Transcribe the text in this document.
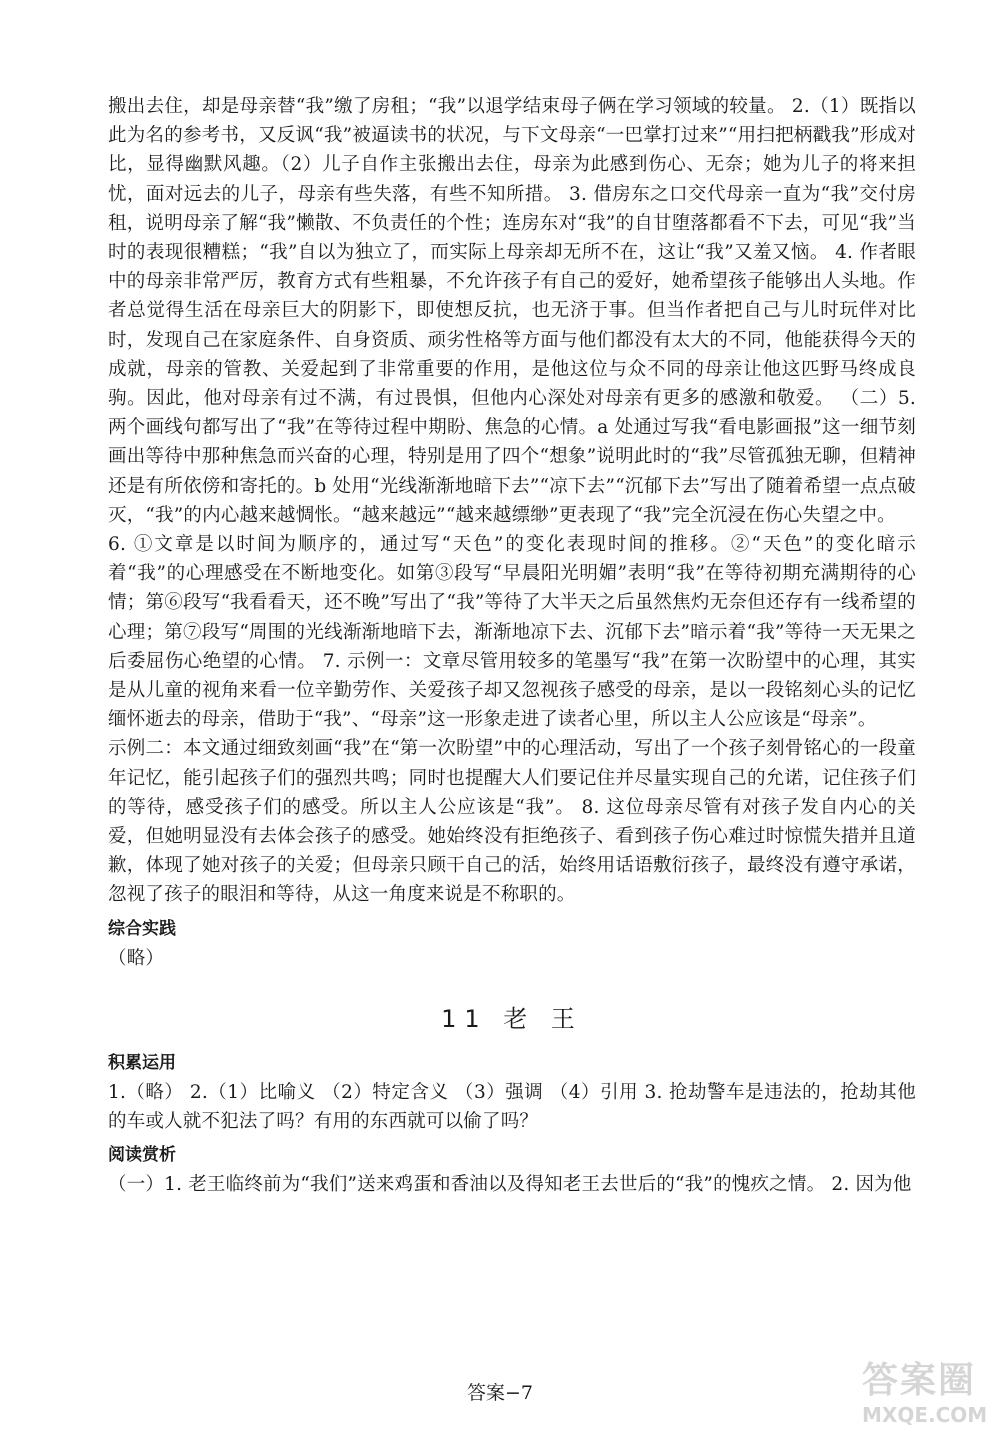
搬出去住，却是母亲替“我”缴了房租；“我”以退学结束母子俩在学习领域的较量。 2.（1）既指以此为名的参考书，又反讽“我”被逼读书的状况，与下文母亲“一巴掌打过来”“用扫把柄戳我”形成对比，显得幽默风趣。（2）儿子自作主张搬出去住，母亲为此感到伤心、无奈；她为儿子的将来担忧，面对远去的儿子，母亲有些失落，有些不知所措。 3. 借房东之口交代母亲一直为“我”交付房租，说明母亲了解“我”懒散、不负责任的个性；连房东对“我”的自甘堕落都看不下去，可见“我”当时的表现很糟糕；“我”自以为独立了，而实际上母亲却无所不在，这让“我”又羞又恼。 4. 作者眼中的母亲非常严厉，教育方式有些粗暴，不允许孩子有自己的爱好，她希望孩子能够出人头地。作者总觉得生活在母亲巨大的阴影下，即使想反抗，也无济于事。但当作者把自己与儿时玩伴对比时，发现自己在家庭条件、自身资质、顽劣性格等方面与他们都没有太大的不同，他能获得今天的成就，母亲的管教、关爱起到了非常重要的作用，是他这位与众不同的母亲让他这匹野马终成良驹。因此，他对母亲有过不满，有过畏惧，但他内心深处对母亲有更多的感激和敬爱。 （二）5. 两个画线句都写出了“我”在等待过程中期盼、焦急的心情。a 处通过写我“看电影画报”这一细节刻画出等待中那种焦急而兴奋的心理，特别是用了四个“想象”说明此时的“我”尽管孤独无聊，但精神还是有所依傍和寄托的。b 处用“光线渐渐地暗下去”“凉下去”“沉郁下去”写出了随着希望一点点破灭，“我”的内心越来越惆怅。“越来越远”“越来越缥缈”更表现了“我”完全沉浸在伤心失望之中。

6. ①文章是以时间为顺序的，通过写“天色”的变化表现时间的推移。②“天色”的变化暗示着“我”的心理感受在不断地变化。如第③段写“早晨阳光明媚”表明“我”在等待初期充满期待的心情；第⑥段写“我看看天，还不晚”写出了“我”等待了大半天之后虽然焦灼无奈但还存有一线希望的心理；第⑦段写“周围的光线渐渐地暗下去，渐渐地凉下去、沉郁下去”暗示着“我”等待一天无果之后委屈伤心绝望的心情。 7. 示例一：文章尽管用较多的笔墨写“我”在第一次盼望中的心理，其实是从儿童的视角来看一位辛勤劳作、关爱孩子却又忽视孩子感受的母亲，是以一段铭刻心头的记忆缅怀逝去的母亲，借助于“我”、“母亲”这一形象走进了读者心里，所以主人公应该是“母亲”。

示例二：本文通过细致刻画“我”在“第一次盼望”中的心理活动，写出了一个孩子刻骨铭心的一段童年记忆，能引起孩子们的强烈共鸣；同时也提醒大人们要记住并尽量实现自己的允诺，记住孩子们的等待，感受孩子们的感受。所以主人公应该是“我”。 8. 这位母亲尽管有对孩子发自内心的关爱，但她明显没有去体会孩子的感受。她始终没有拒绝孩子、看到孩子伤心难过时惊慌失措并且道歉，体现了她对孩子的关爱；但母亲只顾干自己的活，始终用话语敷衍孩子，最终没有遵守承诺，忽视了孩子的眼泪和等待，从这一角度来说是不称职的。

综合实践

（略）

11 老 王

积累运用

1.（略） 2.（1）比喻义 （2）特定含义 （3）强调 （4）引用 3. 抢劫警车是违法的，抢劫其他的车或人就不犯法了吗？有用的东西就可以偷了吗？

阅读赏析

（一）1. 老王临终前为“我们”送来鸡蛋和香油以及得知老王去世后的“我”的愧疚之情。 2. 因为他

答案−7	答案圈
MXQE.COM
